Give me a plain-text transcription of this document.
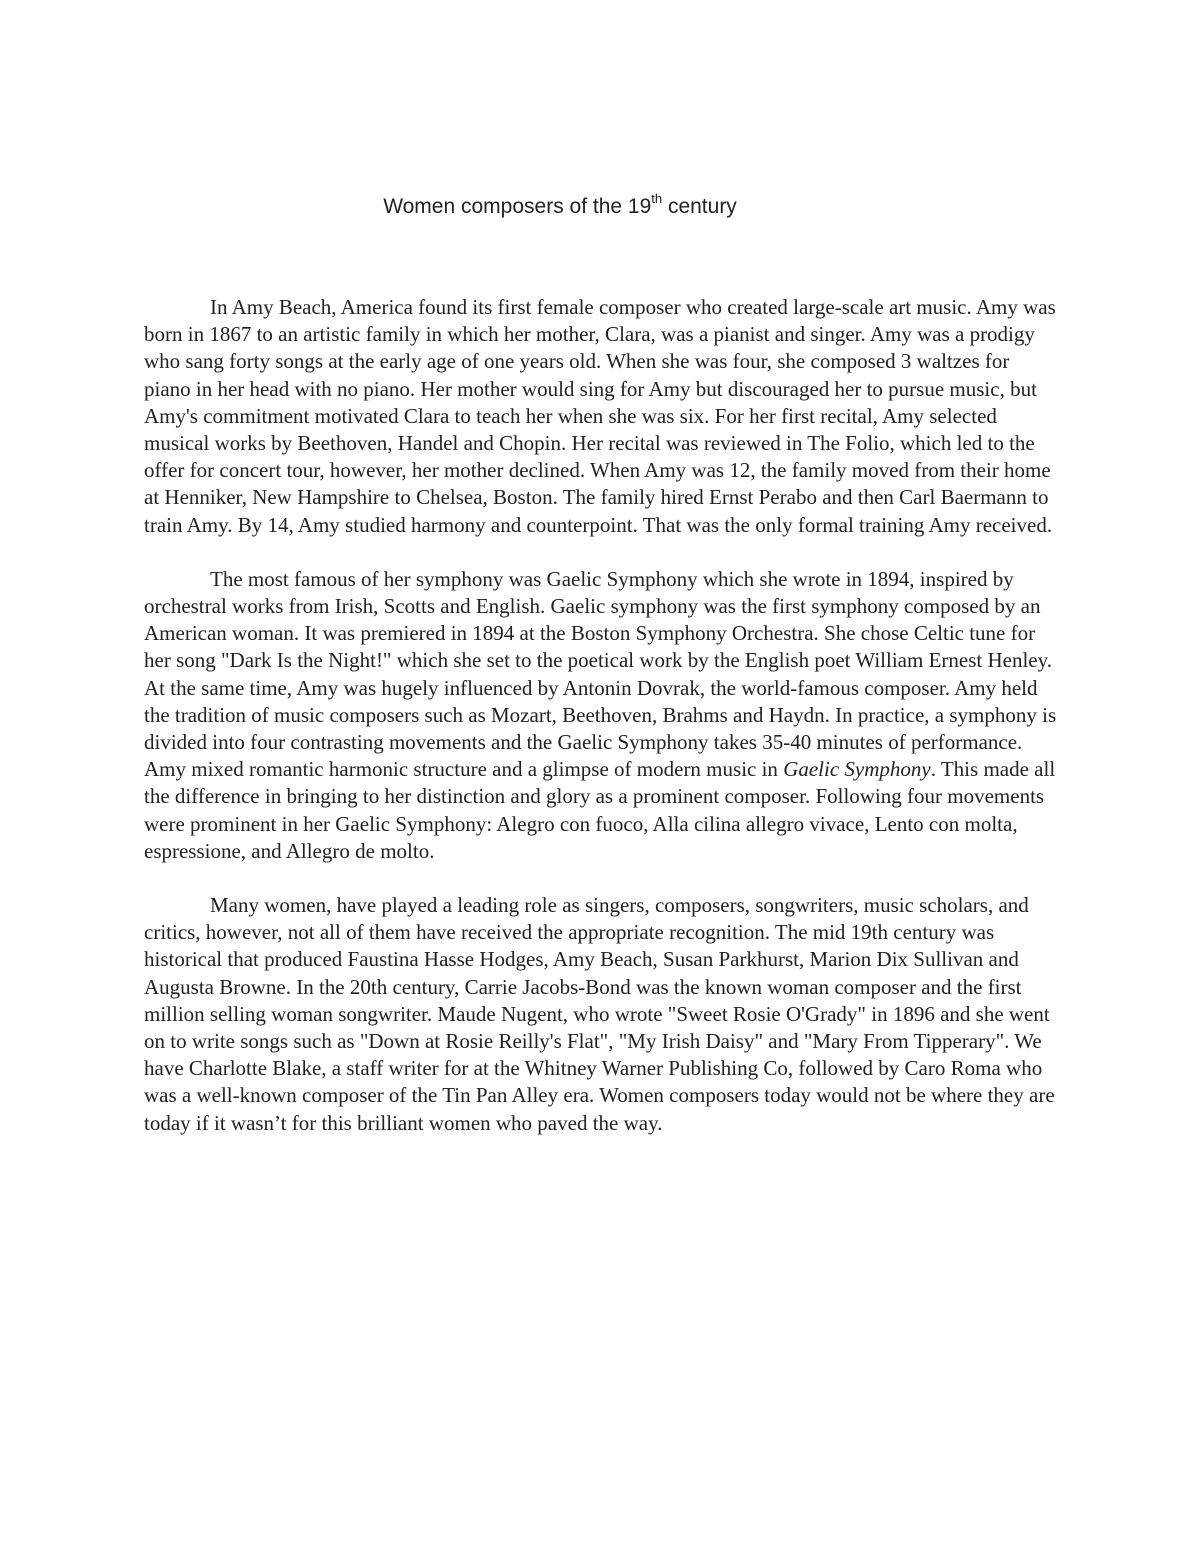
Women composers of the 19th century

In Amy Beach, America found its first female composer who created large-scale art music. Amy was born in 1867 to an artistic family in which her mother, Clara, was a pianist and singer. Amy was a prodigy who sang forty songs at the early age of one years old. When she was four, she composed 3 waltzes for piano in her head with no piano. Her mother would sing for Amy but discouraged her to pursue music, but Amy's commitment motivated Clara to teach her when she was six. For her first recital, Amy selected musical works by Beethoven, Handel and Chopin. Her recital was reviewed in The Folio, which led to the offer for concert tour, however, her mother declined. When Amy was 12, the family moved from their home at Henniker, New Hampshire to Chelsea, Boston. The family hired Ernst Perabo and then Carl Baermann to train Amy. By 14, Amy studied harmony and counterpoint. That was the only formal training Amy received.

The most famous of her symphony was Gaelic Symphony which she wrote in 1894, inspired by orchestral works from Irish, Scotts and English. Gaelic symphony was the first symphony composed by an American woman. It was premiered in 1894 at the Boston Symphony Orchestra. She chose Celtic tune for her song "Dark Is the Night!" which she set to the poetical work by the English poet William Ernest Henley. At the same time, Amy was hugely influenced by Antonin Dovrak, the world-famous composer. Amy held the tradition of music composers such as Mozart, Beethoven, Brahms and Haydn. In practice, a symphony is divided into four contrasting movements and the Gaelic Symphony takes 35-40 minutes of performance. Amy mixed romantic harmonic structure and a glimpse of modern music in Gaelic Symphony. This made all the difference in bringing to her distinction and glory as a prominent composer. Following four movements were prominent in her Gaelic Symphony: Alegro con fuoco, Alla cilina allegro vivace, Lento con molta, espressione, and Allegro de molto.

Many women, have played a leading role as singers, composers, songwriters, music scholars, and critics, however, not all of them have received the appropriate recognition. The mid 19th century was historical that produced Faustina Hasse Hodges, Amy Beach, Susan Parkhurst, Marion Dix Sullivan and Augusta Browne. In the 20th century, Carrie Jacobs-Bond was the known woman composer and the first million selling woman songwriter. Maude Nugent, who wrote "Sweet Rosie O'Grady" in 1896 and she went on to write songs such as "Down at Rosie Reilly's Flat", "My Irish Daisy" and "Mary From Tipperary". We have Charlotte Blake, a staff writer for at the Whitney Warner Publishing Co, followed by Caro Roma who was a well-known composer of the Tin Pan Alley era. Women composers today would not be where they are today if it wasn’t for this brilliant women who paved the way.
